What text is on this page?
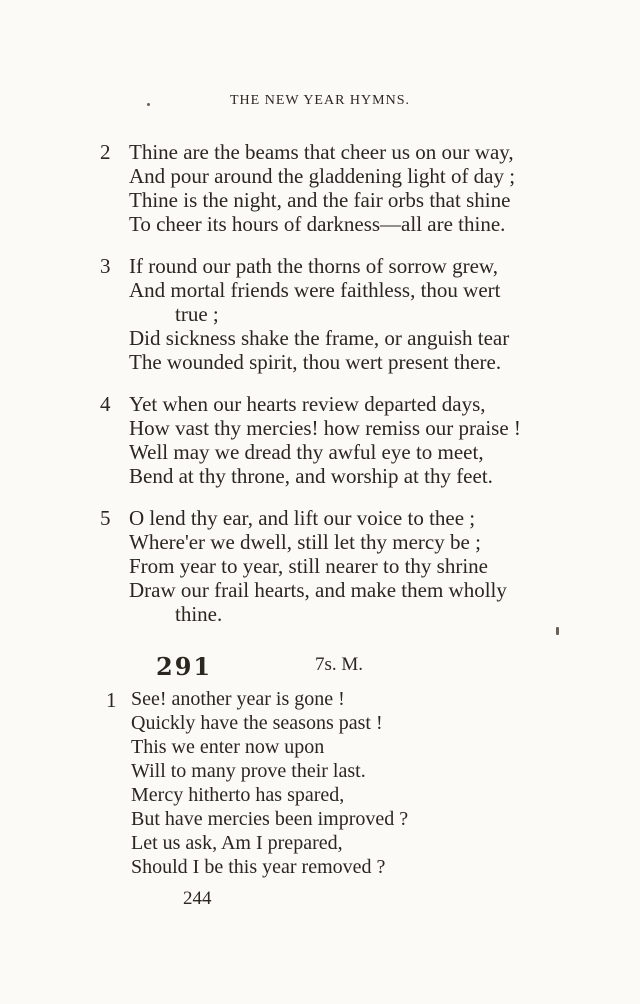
THE NEW YEAR HYMNS.
2 Thine are the beams that cheer us on our way,
And pour around the gladdening light of day ;
Thine is the night, and the fair orbs that shine
To cheer its hours of darkness—all are thine.
3 If round our path the thorns of sorrow grew,
And mortal friends were faithless, thou wert
true ;
Did sickness shake the frame, or anguish tear
The wounded spirit, thou wert present there.
4 Yet when our hearts review departed days,
How vast thy mercies! how remiss our praise !
Well may we dread thy awful eye to meet,
Bend at thy throne, and worship at thy feet.
5 O lend thy ear, and lift our voice to thee ;
Where'er we dwell, still let thy mercy be ;
From year to year, still nearer to thy shrine
Draw our frail hearts, and make them wholly
thine.
291	7s. M.
1 See! another year is gone !
Quickly have the seasons past !
This we enter now upon
Will to many prove their last.
Mercy hitherto has spared,
But have mercies been improved ?
Let us ask, Am I prepared,
Should I be this year removed ?
244
